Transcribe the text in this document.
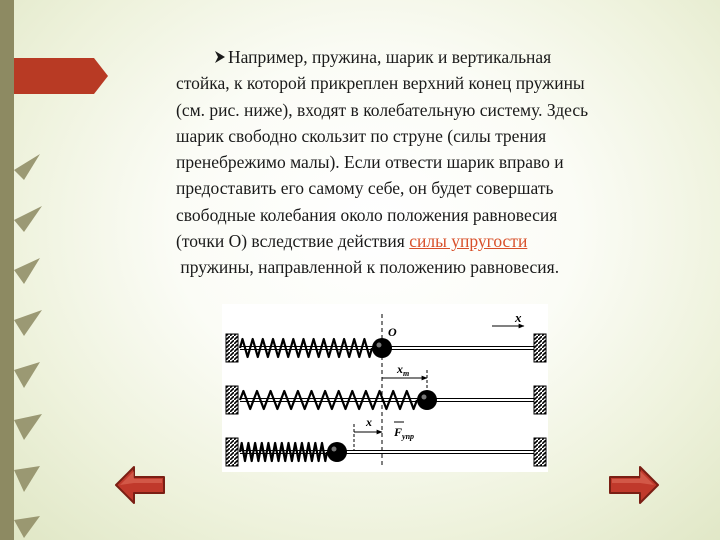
Например, пружина, шарик и вертикальная
стойка, к которой прикреплен верхний конец пружины
(см. рис. ниже), входят в колебательную систему. Здесь
шарик свободно скользит по струне (силы трения
пренебрежимо малы). Если отвести шарик вправо и
предоставить его самому себе, он будет совершать
свободные колебания около положения равновесия
(точки O) вследствие действия силы упругости
пружины, направленной к положению равновесия.

O
x
$x_m$
x
$F_{упр}$
